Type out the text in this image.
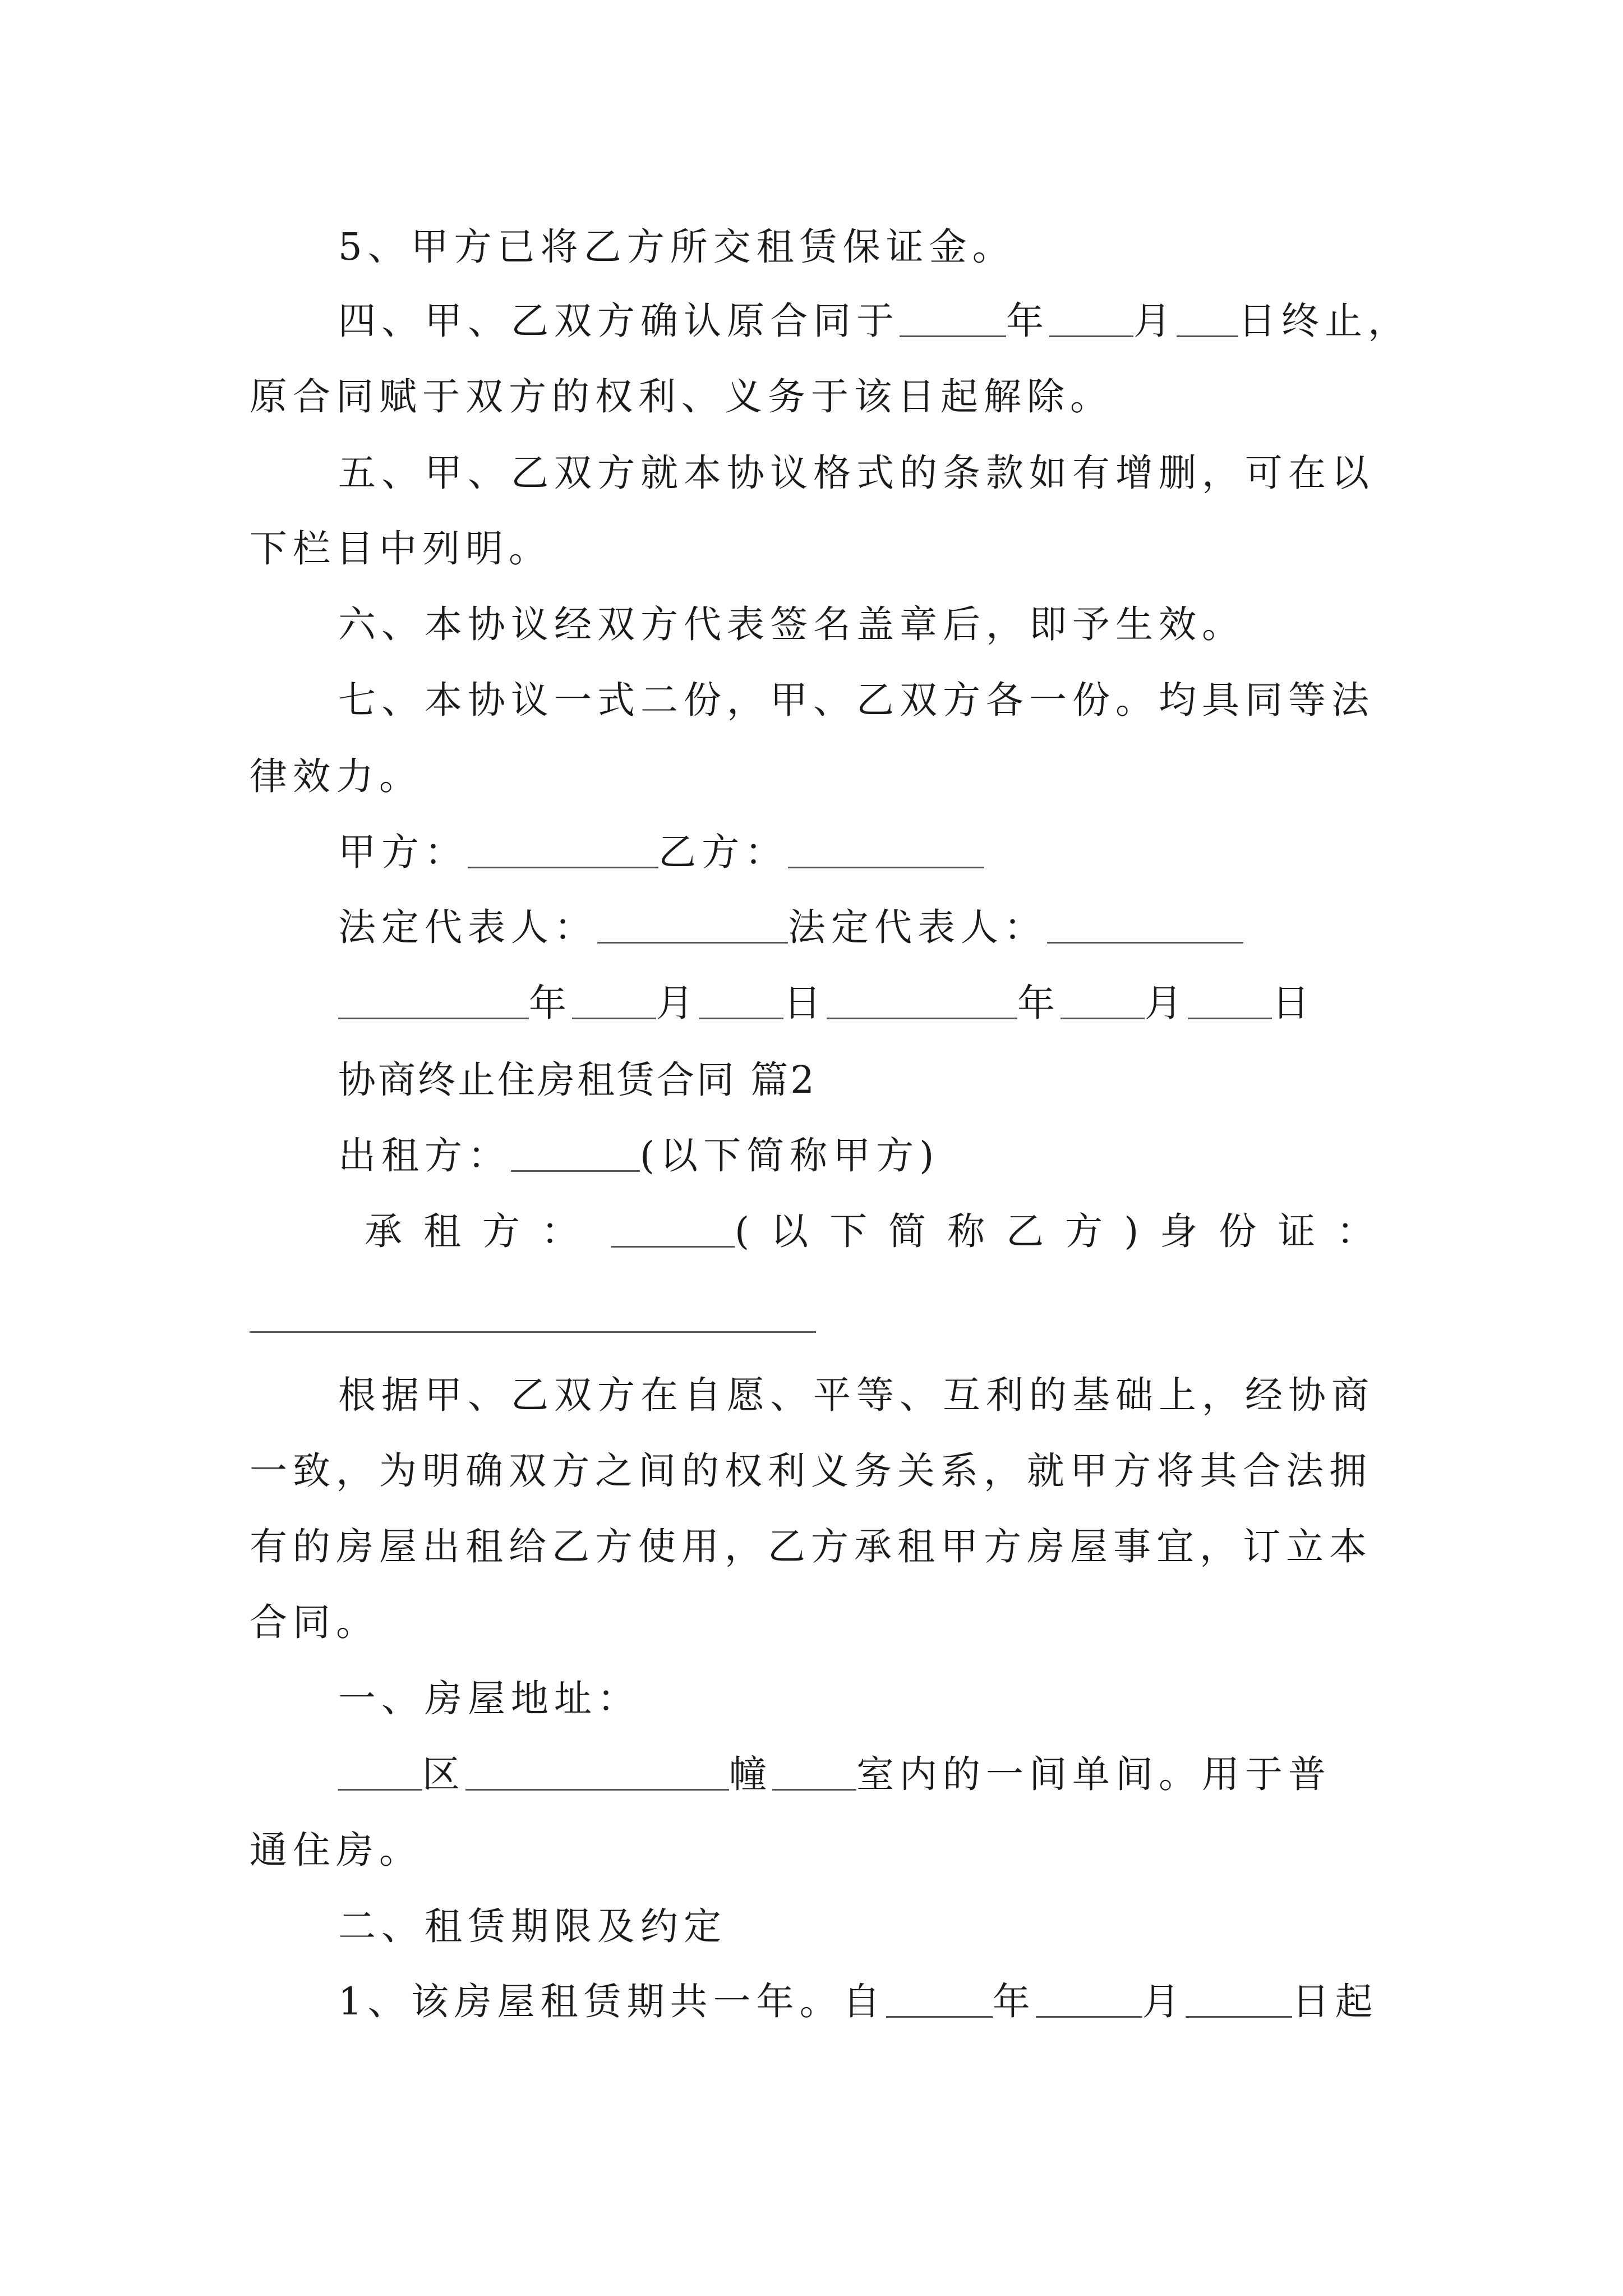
5、甲方已将乙方所交租赁保证金。
四、甲、乙双方确认原合同于	年 月 日终止，
原合同赋于双方的权利、义务于该日起解除。
五、甲、乙双方就本协议格式的条款如有增删，可在以
下栏目中列明。
六、本协议经双方代表签名盖章后，即予生效。
七、本协议一式二份，甲、乙双方各一份。均具同等法
律效力。
甲方：	乙方：
法定代表人：	法定代表人：
年 月 日	年 月 日
协商终止住房租赁合同 篇2
出租方：	(以下简称甲方)
承租方：	(以下简称乙方)身份证：
根据甲、乙双方在自愿、平等、互利的基础上，经协商
一致，为明确双方之间的权利义务关系，就甲方将其合法拥
有的房屋出租给乙方使用，乙方承租甲方房屋事宜，订立本
合同。
一、房屋地址：
区	幢 室内的一间单间。用于普
通住房。
二、租赁期限及约定
1、该房屋租赁期共一年。自	年	月	日起
